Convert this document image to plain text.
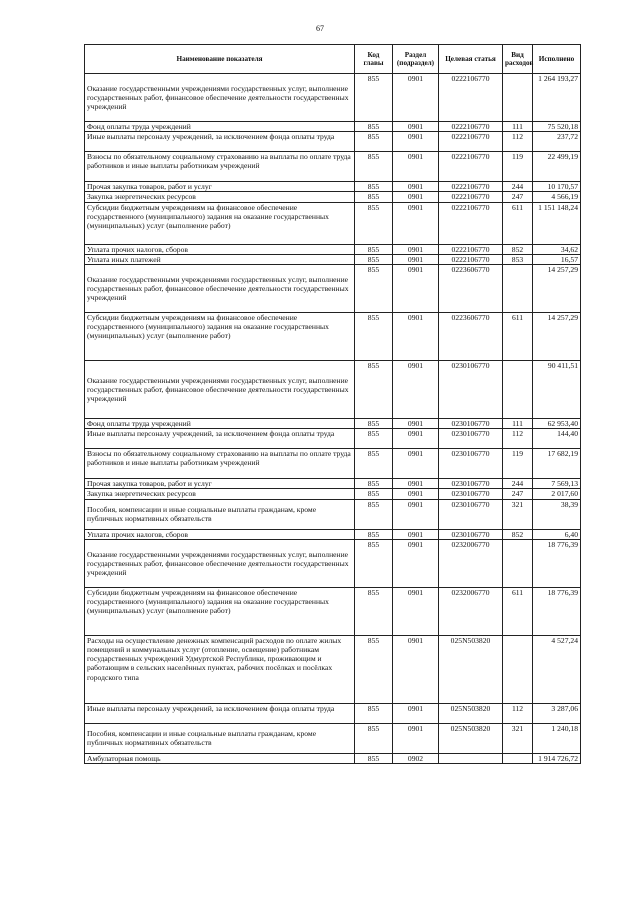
67
Наименование показателя	Код главы	Раздел (подраздел)	Целевая статья	Вид расходов	Исполнено
Оказание государственными учреждениями государственных услуг, выполнение государственных работ, финансовое обеспечение деятельности государственных учреждений	855	0901	0222106770		1 264 193,27
Фонд оплаты труда учреждений	855	0901	0222106770	111	75 520,18
Иные выплаты персоналу учреждений, за исключением фонда оплаты труда	855	0901	0222106770	112	237,72
Взносы по обязательному социальному страхованию на выплаты по оплате труда работников и иные выплаты работникам учреждений	855	0901	0222106770	119	22 499,19
Прочая закупка товаров, работ и услуг	855	0901	0222106770	244	10 170,57
Закупка энергетических ресурсов	855	0901	0222106770	247	4 566,19
Субсидии бюджетным учреждениям на финансовое обеспечение государственного (муниципального) задания на оказание государственных (муниципальных) услуг (выполнение работ)	855	0901	0222106770	611	1 151 148,24
Уплата прочих налогов, сборов	855	0901	0222106770	852	34,62
Уплата иных платежей	855	0901	0222106770	853	16,57
Оказание государственными учреждениями государственных услуг, выполнение государственных работ, финансовое обеспечение деятельности государственных учреждений	855	0901	0223606770		14 257,29
Субсидии бюджетным учреждениям на финансовое обеспечение государственного (муниципального) задания на оказание государственных (муниципальных) услуг (выполнение работ)	855	0901	0223606770	611	14 257,29
Оказание государственными учреждениями государственных услуг, выполнение государственных работ, финансовое обеспечение деятельности государственных учреждений	855	0901	0230106770		90 411,51
Фонд оплаты труда учреждений	855	0901	0230106770	111	62 953,40
Иные выплаты персоналу учреждений, за исключением фонда оплаты труда	855	0901	0230106770	112	144,40
Взносы по обязательному социальному страхованию на выплаты по оплате труда работников и иные выплаты работникам учреждений	855	0901	0230106770	119	17 682,19
Прочая закупка товаров, работ и услуг	855	0901	0230106770	244	7 569,13
Закупка энергетических ресурсов	855	0901	0230106770	247	2 017,60
Пособия, компенсации и иные социальные выплаты гражданам, кроме публичных нормативных обязательств	855	0901	0230106770	321	38,39
Уплата прочих налогов, сборов	855	0901	0230106770	852	6,40
Оказание государственными учреждениями государственных услуг, выполнение государственных работ, финансовое обеспечение деятельности государственных учреждений	855	0901	0232006770		18 776,39
Субсидии бюджетным учреждениям на финансовое обеспечение государственного (муниципального) задания на оказание государственных (муниципальных) услуг (выполнение работ)	855	0901	0232006770	611	18 776,39
Расходы на осуществление денежных компенсаций расходов по оплате жилых помещений и коммунальных услуг (отопление, освещение) работникам государственных учреждений Удмуртской Республики, проживающим и работающим в сельских населённых пунктах, рабочих посёлках и посёлках городского типа	855	0901	025N503820		4 527,24
Иные выплаты персоналу учреждений, за исключением фонда оплаты труда	855	0901	025N503820	112	3 287,06
Пособия, компенсации и иные социальные выплаты гражданам, кроме публичных нормативных обязательств	855	0901	025N503820	321	1 240,18
Амбулаторная помощь	855	0902			1 914 726,72
